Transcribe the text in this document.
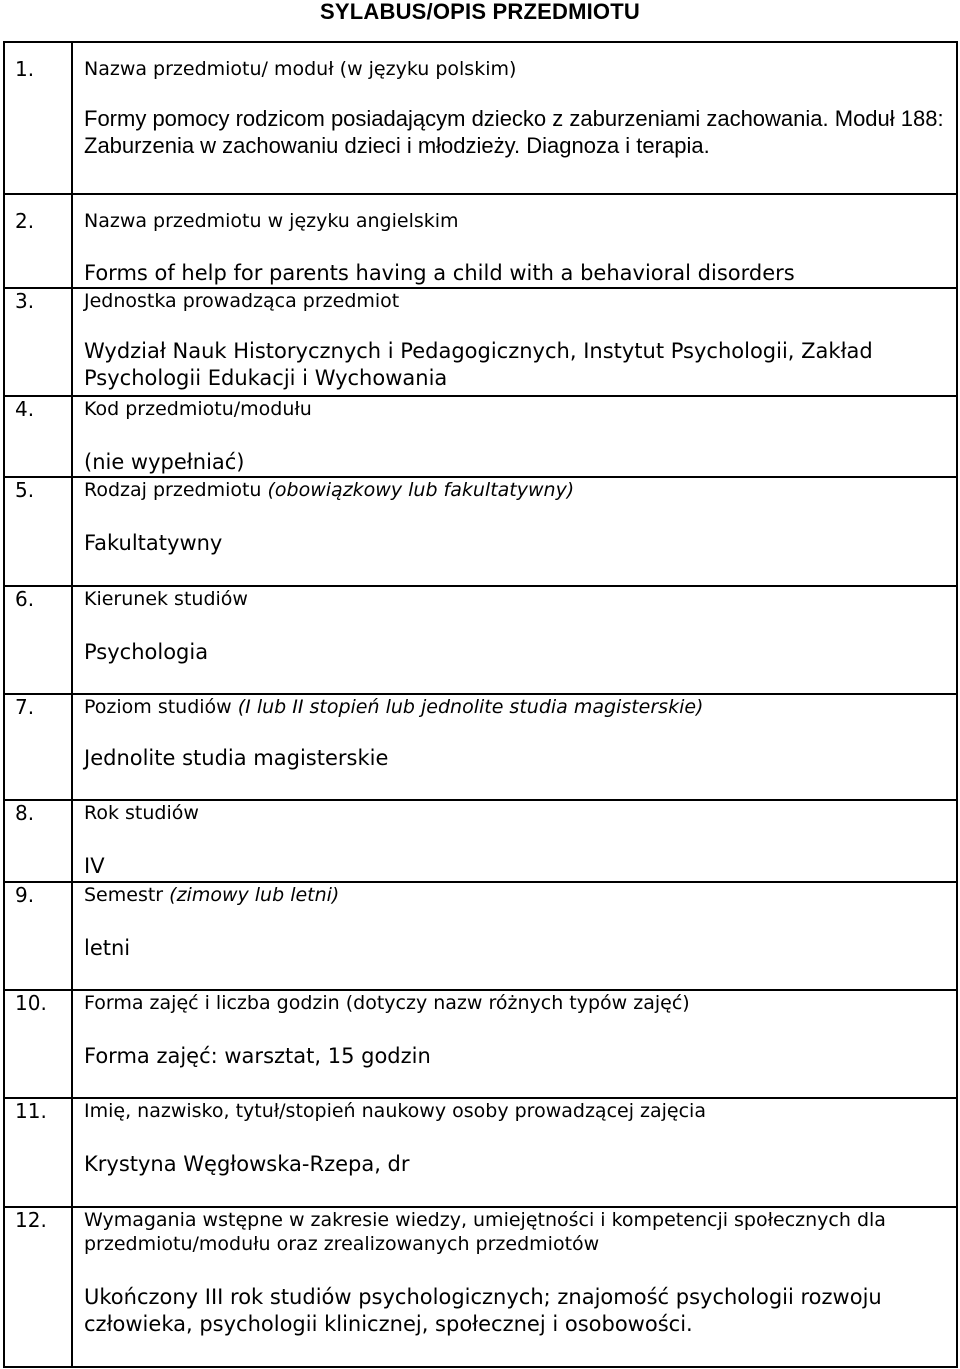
SYLABUS/OPIS PRZEDMIOTU
1.	Nazwa przedmiotu/ moduł (w języku polskim)
Formy pomocy rodzicom posiadającym dziecko z zaburzeniami zachowania. Moduł 188: Zaburzenia w zachowaniu dzieci i młodzieży. Diagnoza i terapia.

2.	Nazwa przedmiotu w języku angielskim
Forms of help for parents having a child with a behavioral disorders

3.	Jednostka prowadząca przedmiot
Wydział Nauk Historycznych i Pedagogicznych, Instytut Psychologii, Zakład Psychologii Edukacji i Wychowania

4.	Kod przedmiotu/modułu
(nie wypełniać)

5.	Rodzaj przedmiotu (obowiązkowy lub fakultatywny)
Fakultatywny

6.	Kierunek studiów
Psychologia

7.	Poziom studiów (I lub II stopień lub jednolite studia magisterskie)
Jednolite studia magisterskie

8.	Rok studiów
IV

9.	Semestr (zimowy lub letni)
letni

10.	Forma zajęć i liczba godzin (dotyczy nazw różnych typów zajęć)
Forma zajęć: warsztat, 15 godzin

11.	Imię, nazwisko, tytuł/stopień naukowy osoby prowadzącej zajęcia
Krystyna Węgłowska-Rzepa, dr

12.	Wymagania wstępne w zakresie wiedzy, umiejętności i kompetencji społecznych dla przedmiotu/modułu oraz zrealizowanych przedmiotów
Ukończony III rok studiów psychologicznych; znajomość psychologii rozwoju człowieka, psychologii klinicznej, społecznej i osobowości.
